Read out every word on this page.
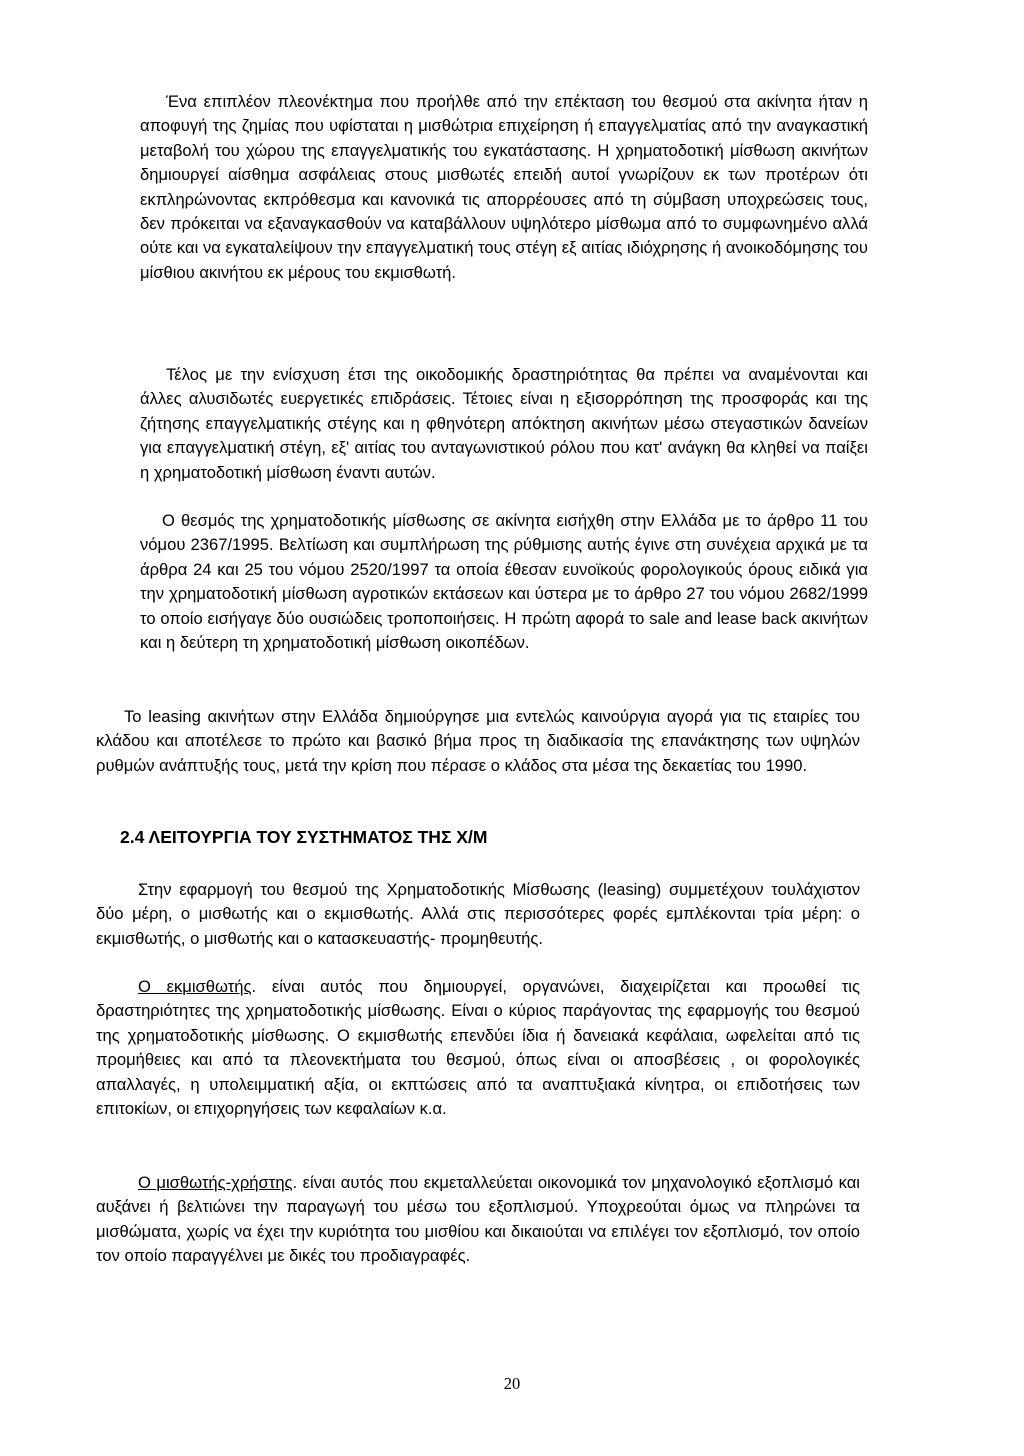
Ένα επιπλέον πλεονέκτημα που προήλθε από την επέκταση του θεσμού στα ακίνητα ήταν η αποφυγή της ζημίας που υφίσταται η μισθώτρια επιχείρηση ή επαγγελματίας από την αναγκαστική μεταβολή του χώρου της επαγγελματικής του εγκατάστασης. Η χρηματοδοτική μίσθωση ακινήτων δημιουργεί αίσθημα ασφάλειας στους μισθωτές επειδή αυτοί γνωρίζουν εκ των προτέρων ότι εκπληρώνοντας εκπρόθεσμα και κανονικά τις απορρέουσες από τη σύμβαση υποχρεώσεις τους, δεν πρόκειται να εξαναγκασθούν να καταβάλλουν υψηλότερο μίσθωμα από το συμφωνημένο αλλά ούτε και να εγκαταλείψουν την επαγγελματική τους στέγη εξ αιτίας ιδιόχρησης ή ανοικοδόμησης του μίσθιου ακινήτου εκ μέρους του εκμισθωτή.

Τέλος με την ενίσχυση έτσι της οικοδομικής δραστηριότητας θα πρέπει να αναμένονται και άλλες αλυσιδωτές ευεργετικές επιδράσεις. Τέτοιες είναι η εξισορρόπηση της προσφοράς και της ζήτησης επαγγελματικής στέγης και η φθηνότερη απόκτηση ακινήτων μέσω στεγαστικών δανείων για επαγγελματική στέγη, εξ' αιτίας του ανταγωνιστικού ρόλου που κατ' ανάγκη θα κληθεί να παίξει η χρηματοδοτική μίσθωση έναντι αυτών.

Ο θεσμός της χρηματοδοτικής μίσθωσης σε ακίνητα εισήχθη στην Ελλάδα με το άρθρο 11 του νόμου 2367/1995. Βελτίωση και συμπλήρωση της ρύθμισης αυτής έγινε στη συνέχεια αρχικά με τα άρθρα 24 και 25 του νόμου 2520/1997 τα οποία έθεσαν ευνοϊκούς φορολογικούς όρους ειδικά για την χρηματοδοτική μίσθωση αγροτικών εκτάσεων και ύστερα με το άρθρο 27 του νόμου 2682/1999 το οποίο εισήγαγε δύο ουσιώδεις τροποποιήσεις. Η πρώτη αφορά το sale and lease back ακινήτων και η δεύτερη τη χρηματοδοτική μίσθωση οικοπέδων.

Το leasing ακινήτων στην Ελλάδα δημιούργησε μια εντελώς καινούργια αγορά για τις εταιρίες του κλάδου και αποτέλεσε το πρώτο και βασικό βήμα προς τη διαδικασία της επανάκτησης των υψηλών ρυθμών ανάπτυξής τους, μετά την κρίση που πέρασε ο κλάδος στα μέσα της δεκαετίας του 1990.

2.4 ΛΕΙΤΟΥΡΓΙΑ ΤΟΥ ΣΥΣΤΗΜΑΤΟΣ ΤΗΣ Χ/Μ

Στην εφαρμογή του θεσμού της Χρηματοδοτικής Μίσθωσης (leasing) συμμετέχουν τουλάχιστον δύο μέρη, ο μισθωτής και ο εκμισθωτής. Αλλά στις περισσότερες φορές εμπλέκονται τρία μέρη: ο εκμισθωτής, ο μισθωτής και ο κατασκευαστής- προμηθευτής.

Ο εκμισθωτής. είναι αυτός που δημιουργεί, οργανώνει, διαχειρίζεται και προωθεί τις δραστηριότητες της χρηματοδοτικής μίσθωσης. Είναι ο κύριος παράγοντας της εφαρμογής του θεσμού της χρηματοδοτικής μίσθωσης. Ο εκμισθωτής επενδύει ίδια ή δανειακά κεφάλαια, ωφελείται από τις προμήθειες και από τα πλεονεκτήματα του θεσμού, όπως είναι οι αποσβέσεις , οι φορολογικές απαλλαγές, η υπολειμματική αξία, οι εκπτώσεις από τα αναπτυξιακά κίνητρα, οι επιδοτήσεις των επιτοκίων, οι επιχορηγήσεις των κεφαλαίων κ.α.

Ο μισθωτής-χρήστης. είναι αυτός που εκμεταλλεύεται οικονομικά τον μηχανολογικό εξοπλισμό και αυξάνει ή βελτιώνει την παραγωγή του μέσω του εξοπλισμού. Υποχρεούται όμως να πληρώνει τα μισθώματα, χωρίς να έχει την κυριότητα του μισθίου και δικαιούται να επιλέγει τον εξοπλισμό, τον οποίο τον οποίο παραγγέλνει με δικές του προδιαγραφές.

20
